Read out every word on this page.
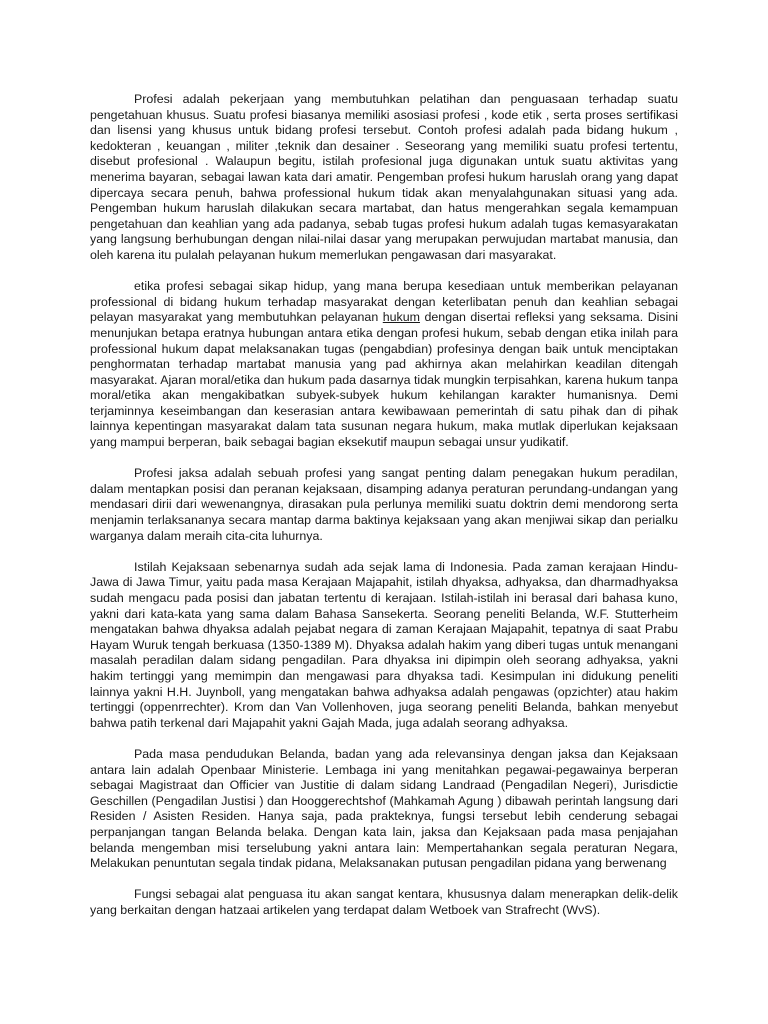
Profesi adalah pekerjaan yang membutuhkan pelatihan dan penguasaan terhadap suatu pengetahuan khusus. Suatu profesi biasanya memiliki asosiasi profesi , kode etik , serta proses sertifikasi dan lisensi yang khusus untuk bidang profesi tersebut. Contoh profesi adalah pada bidang hukum , kedokteran , keuangan , militer ,teknik dan desainer . Seseorang yang memiliki suatu profesi tertentu, disebut profesional . Walaupun begitu, istilah profesional juga digunakan untuk suatu aktivitas yang menerima bayaran, sebagai lawan kata dari amatir. Pengemban profesi hukum haruslah orang yang dapat dipercaya secara penuh, bahwa professional hukum tidak akan menyalahgunakan situasi yang ada. Pengemban hukum haruslah dilakukan secara martabat, dan hatus mengerahkan segala kemampuan pengetahuan dan keahlian yang ada padanya, sebab tugas profesi hukum adalah tugas kemasyarakatan yang langsung berhubungan dengan nilai-nilai dasar yang merupakan perwujudan martabat manusia, dan oleh karena itu pulalah pelayanan hukum memerlukan pengawasan dari masyarakat.

etika profesi sebagai sikap hidup, yang mana berupa kesediaan untuk memberikan pelayanan professional di bidang hukum terhadap masyarakat dengan keterlibatan penuh dan keahlian sebagai pelayan masyarakat yang membutuhkan pelayanan hukum dengan disertai refleksi yang seksama. Disini menunjukan betapa eratnya hubungan antara etika dengan profesi hukum, sebab dengan etika inilah para professional hukum dapat melaksanakan tugas (pengabdian) profesinya dengan baik untuk menciptakan penghormatan terhadap martabat manusia yang pad akhirnya akan melahirkan keadilan ditengah masyarakat. Ajaran moral/etika dan hukum pada dasarnya tidak mungkin terpisahkan, karena hukum tanpa moral/etika akan mengakibatkan subyek-subyek hukum kehilangan karakter humanisnya. Demi terjaminnya keseimbangan dan keserasian antara kewibawaan pemerintah di satu pihak dan di pihak lainnya kepentingan masyarakat dalam tata susunan negara hukum, maka mutlak diperlukan kejaksaan yang mampui berperan, baik sebagai bagian eksekutif maupun sebagai unsur yudikatif.

Profesi jaksa adalah sebuah profesi yang sangat penting dalam penegakan hukum peradilan, dalam mentapkan posisi dan peranan kejaksaan, disamping adanya peraturan perundang-undangan yang mendasari dirii dari wewenangnya, dirasakan pula perlunya memiliki suatu doktrin demi mendorong serta menjamin terlaksananya secara mantap darma baktinya kejaksaan yang akan menjiwai sikap dan perialku warganya dalam meraih cita-cita luhurnya.

Istilah Kejaksaan sebenarnya sudah ada sejak lama di Indonesia. Pada zaman kerajaan Hindu-Jawa di Jawa Timur, yaitu pada masa Kerajaan Majapahit, istilah dhyaksa, adhyaksa, dan dharmadhyaksa sudah mengacu pada posisi dan jabatan tertentu di kerajaan. Istilah-istilah ini berasal dari bahasa kuno, yakni dari kata-kata yang sama dalam Bahasa Sansekerta. Seorang peneliti Belanda, W.F. Stutterheim mengatakan bahwa dhyaksa adalah pejabat negara di zaman Kerajaan Majapahit, tepatnya di saat Prabu Hayam Wuruk tengah berkuasa (1350-1389 M). Dhyaksa adalah hakim yang diberi tugas untuk menangani masalah peradilan dalam sidang pengadilan. Para dhyaksa ini dipimpin oleh seorang adhyaksa, yakni hakim tertinggi yang memimpin dan mengawasi para dhyaksa tadi. Kesimpulan ini didukung peneliti lainnya yakni H.H. Juynboll, yang mengatakan bahwa adhyaksa adalah pengawas (opzichter) atau hakim tertinggi (oppenrrechter). Krom dan Van Vollenhoven, juga seorang peneliti Belanda, bahkan menyebut bahwa patih terkenal dari Majapahit yakni Gajah Mada, juga adalah seorang adhyaksa.

Pada masa pendudukan Belanda, badan yang ada relevansinya dengan jaksa dan Kejaksaan antara lain adalah Openbaar Ministerie. Lembaga ini yang menitahkan pegawai-pegawainya berperan sebagai Magistraat dan Officier van Justitie di dalam sidang Landraad (Pengadilan Negeri), Jurisdictie Geschillen (Pengadilan Justisi ) dan Hooggerechtshof (Mahkamah Agung ) dibawah perintah langsung dari Residen / Asisten Residen. Hanya saja, pada prakteknya, fungsi tersebut lebih cenderung sebagai perpanjangan tangan Belanda belaka. Dengan kata lain, jaksa dan Kejaksaan pada masa penjajahan belanda mengemban misi terselubung yakni antara lain: Mempertahankan segala peraturan Negara, Melakukan penuntutan segala tindak pidana, Melaksanakan putusan pengadilan pidana yang berwenang

Fungsi sebagai alat penguasa itu akan sangat kentara, khususnya dalam menerapkan delik-delik yang berkaitan dengan hatzaai artikelen yang terdapat dalam Wetboek van Strafrecht (WvS).
